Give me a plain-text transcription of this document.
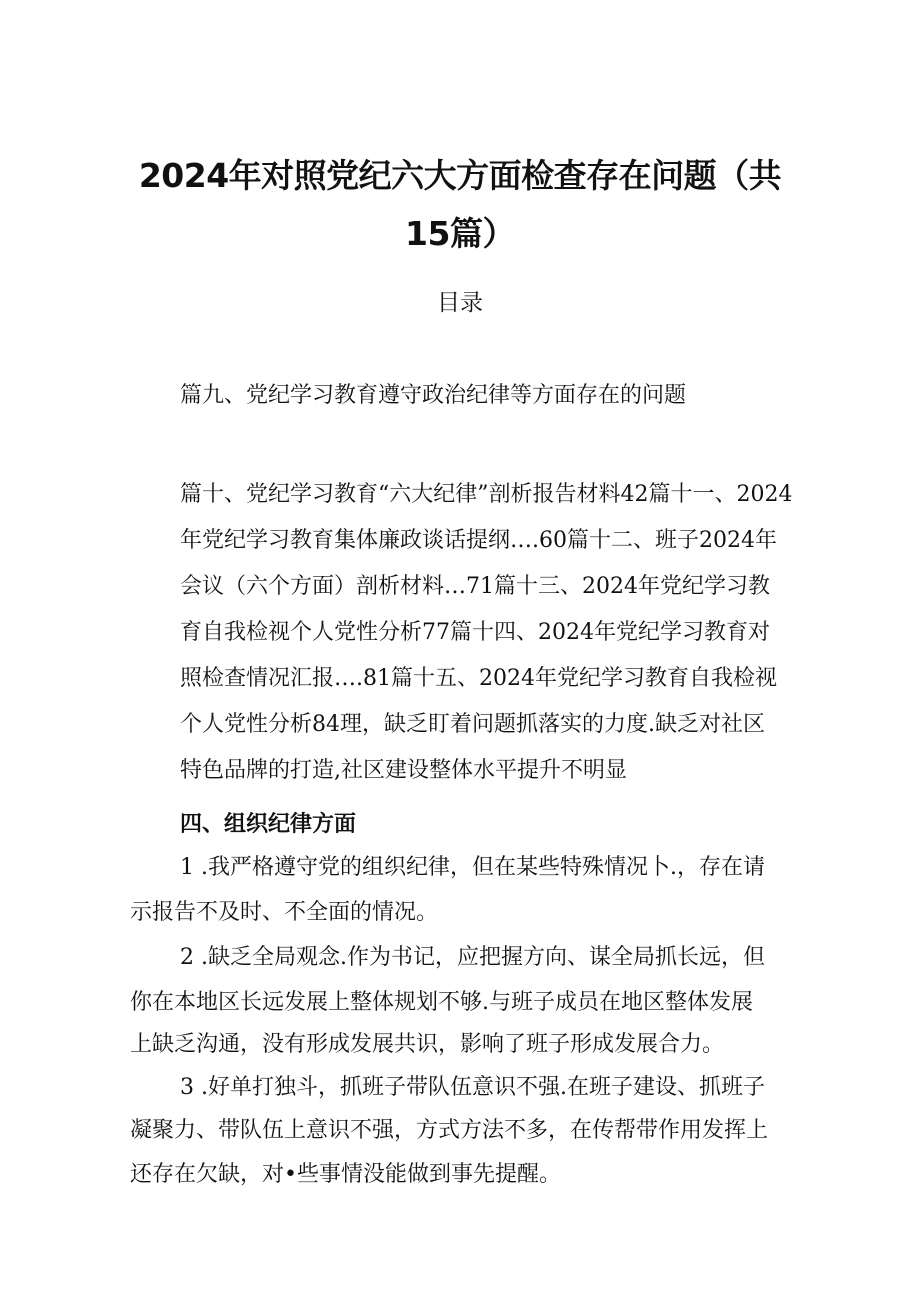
2024年对照党纪六大方面检查存在问题（共
15篇）
目录
篇九、党纪学习教育遵守政治纪律等方面存在的问题
篇十、党纪学习教育“六大纪律”剖析报告材料42篇十一、2024
年党纪学习教育集体廉政谈话提纲….60篇十二、班子2024年
会议（六个方面）剖析材料…71篇十三、2024年党纪学习教
育自我检视个人党性分析77篇十四、2024年党纪学习教育对
照检查情况汇报….81篇十五、2024年党纪学习教育自我检视
个人党性分析84理，缺乏盯着问题抓落实的力度.缺乏对社区
特色品牌的打造,社区建设整体水平提升不明显
四、组织纪律方面
1 .我严格遵守党的组织纪律，但在某些特殊情况卜.，存在请
示报告不及时、不全面的情况。
2 .缺乏全局观念.作为书记，应把握方向、谋全局抓长远，但
你在本地区长远发展上整体规划不够.与班子成员在地区整体发展
上缺乏沟通，没有形成发展共识，影响了班子形成发展合力。
3 .好单打独斗，抓班子带队伍意识不强.在班子建设、抓班子
凝聚力、带队伍上意识不强，方式方法不多，在传帮带作用发挥上
还存在欠缺，对•些事情没能做到事先提醒。
